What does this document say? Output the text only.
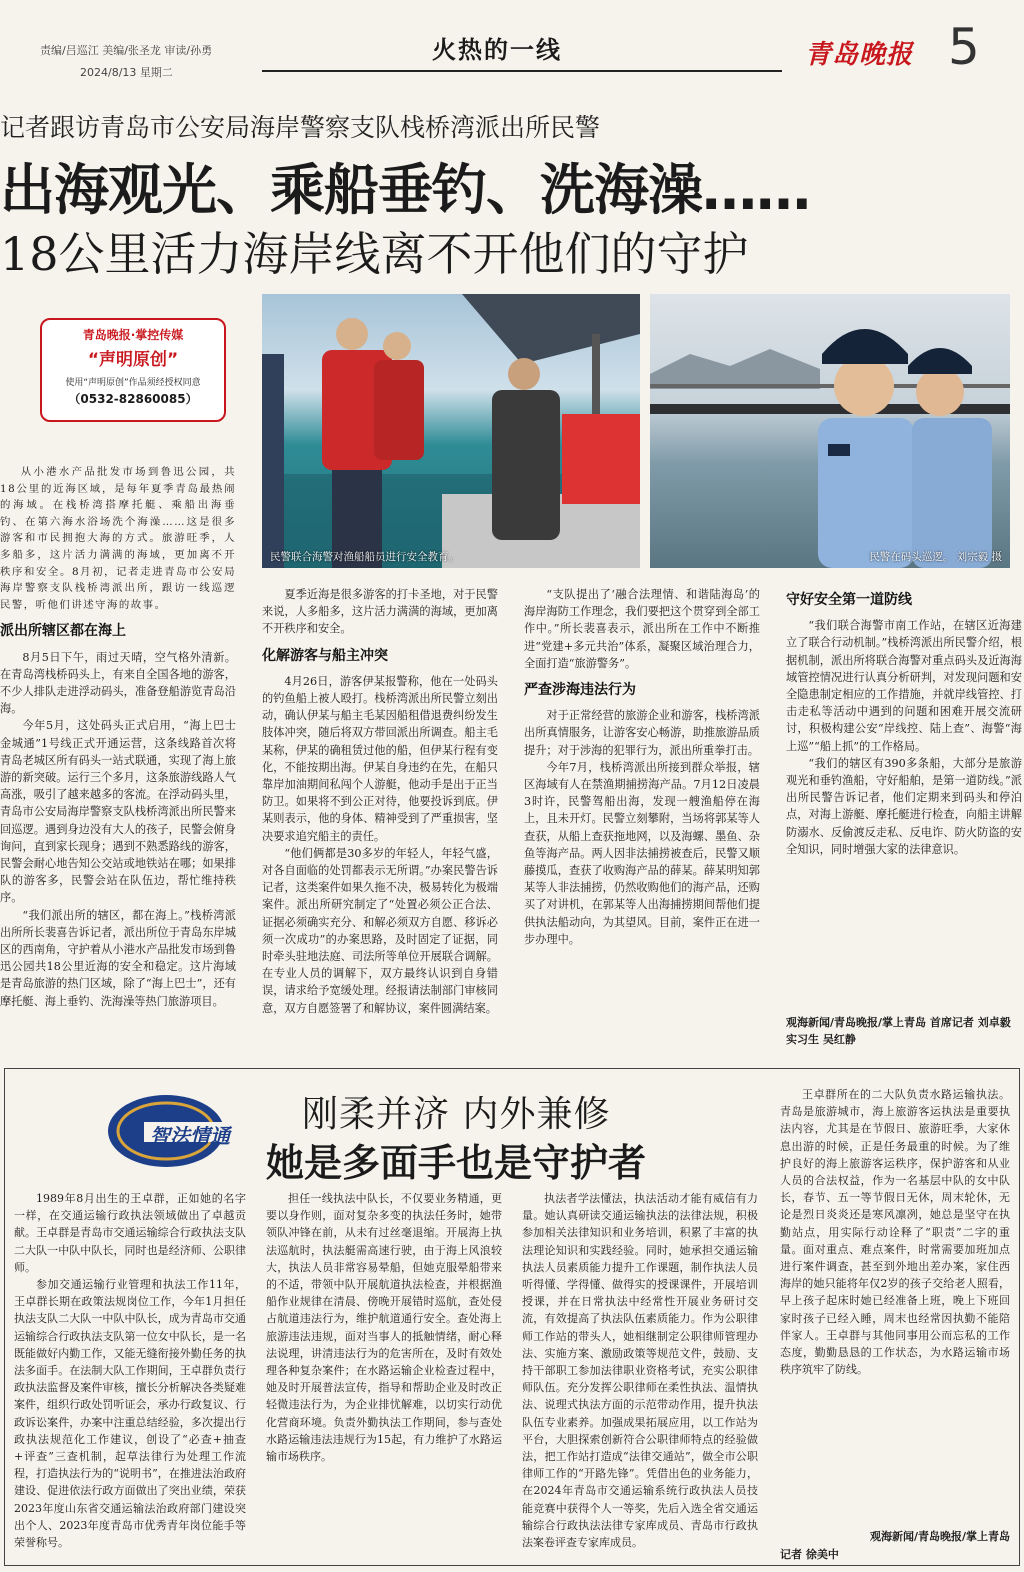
责编/吕巡江 美编/张圣龙 审读/孙勇
2024/8/13 星期二
火热的一线	青岛晚报 5
记者跟访青岛市公安局海岸警察支队栈桥湾派出所民警
出海观光、乘船垂钓、洗海澡……
18公里活力海岸线离不开他们的守护
青岛晚报·掌控传媒
“声明原创”
使用“声明原创”作品须经授权同意
（0532-82860085）
民警联合海警对渔船船员进行安全教育。	民警在码头巡逻。 刘宗毅 摄

从小港水产品批发市场到鲁迅公园，共18公里的近海区域，是每年夏季青岛最热闹的海域。在栈桥湾搭摩托艇、乘船出海垂钓、在第六海水浴场洗个海澡……这是很多游客和市民拥抱大海的方式。旅游旺季，人多船多，这片活力满满的海域，更加离不开秩序和安全。8月初，记者走进青岛市公安局海岸警察支队栈桥湾派出所，跟访一线巡逻民警，听他们讲述守海的故事。

派出所辖区都在海上

8月5日下午，雨过天晴，空气格外清新。在青岛湾栈桥码头上，有来自全国各地的游客，不少人排队走进浮动码头，准备登船游览青岛沿海。

今年5月，这处码头正式启用，“海上巴士金城通”1号线正式开通运营，这条线路首次将青岛老城区所有码头一站式联通，实现了海上旅游的新突破。运行三个多月，这条旅游线路人气高涨，吸引了越来越多的客流。在浮动码头里，青岛市公安局海岸警察支队栈桥湾派出所民警来回巡逻。遇到身边没有大人的孩子，民警会俯身询问，直到家长现身；遇到不熟悉路线的游客，民警会耐心地告知公交站或地铁站在哪；如果排队的游客多，民警会站在队伍边，帮忙维持秩序。

“我们派出所的辖区，都在海上。”栈桥湾派出所所长裴喜告诉记者，派出所位于青岛东岸城区的西南角，守护着从小港水产品批发市场到鲁迅公园共18公里近海的安全和稳定。这片海域是青岛旅游的热门区域，除了“海上巴士”，还有摩托艇、海上垂钓、洗海澡等热门旅游项目。

夏季近海是很多游客的打卡圣地，对于民警来说，人多船多，这片活力满满的海域，更加离不开秩序和安全。

化解游客与船主冲突

4月26日，游客伊某报警称，他在一处码头的钓鱼船上被人殴打。栈桥湾派出所民警立刻出动，确认伊某与船主毛某因船租借退费纠纷发生肢体冲突，随后将双方带回派出所调查。船主毛某称，伊某的确租赁过他的船，但伊某行程有变化，不能按期出海。伊某自身违约在先，在船只靠岸加油期间私闯个人游艇，他动手是出于正当防卫。如果将不到公正对待，他要投诉到底。伊某则表示，他的身体、精神受到了严重损害，坚决要求追究船主的责任。

“他们俩都是30多岁的年轻人，年轻气盛，对各自面临的处罚都表示无所谓。”办案民警告诉记者，这类案件如果久拖不决，极易转化为极端案件。派出所研究制定了“处置必须公正合法、证据必须确实充分、和解必须双方自愿、移诉必须一次成功”的办案思路，及时固定了证据，同时牵头驻地法庭、司法所等单位开展联合调解。在专业人员的调解下，双方最终认识到自身错误，请求给予宽缓处理。经报请法制部门审核同意，双方自愿签署了和解协议，案件圆满结案。

“支队提出了‘融合法理情、和谐陆海岛’的海岸海防工作理念，我们要把这个贯穿到全部工作中。”所长裴喜表示，派出所在工作中不断推进“党建+多元共治”体系，凝聚区域治理合力，全面打造“旅游警务”。

严查涉海违法行为

对于正常经营的旅游企业和游客，栈桥湾派出所真情服务，让游客安心畅游，助推旅游品质提升；对于涉海的犯罪行为，派出所重拳打击。

今年7月，栈桥湾派出所接到群众举报，辖区海域有人在禁渔期捕捞海产品。7月12日凌晨3时许，民警驾船出海，发现一艘渔船停在海上，且未开灯。民警立刻攀附，当场将郭某等人查获，从船上查获拖地网，以及海螺、墨鱼、杂鱼等海产品。两人因非法捕捞被查后，民警又顺藤摸瓜，查获了收购海产品的薛某。薛某明知郭某等人非法捕捞，仍然收购他们的海产品，还购买了对讲机，在郭某等人出海捕捞期间帮他们提供执法船动向，为其望风。目前，案件正在进一步办理中。

守好安全第一道防线

“我们联合海警市南工作站，在辖区近海建立了联合行动机制。”栈桥湾派出所民警介绍，根据机制，派出所将联合海警对重点码头及近海海域管控情况进行认真分析研判，对发现问题和安全隐患制定相应的工作措施，并就岸线管控、打击走私等活动中遇到的问题和困难开展交流研讨，积极构建公安“岸线控、陆上查”、海警“海上巡”“船上抓”的工作格局。

“我们的辖区有390多条船，大部分是旅游观光和垂钓渔船，守好船舶，是第一道防线。”派出所民警告诉记者，他们定期来到码头和停泊点，对海上游艇、摩托艇进行检查，向船主讲解防溺水、反偷渡反走私、反电诈、防火防盗的安全知识，同时增强大家的法律意识。

观海新闻/青岛晚报/掌上青岛 首席记者 刘卓毅 实习生 吴红静
智法情通
刚柔并济 内外兼修
她是多面手也是守护者

1989年8月出生的王卓群，正如她的名字一样，在交通运输行政执法领域做出了卓越贡献。王卓群是青岛市交通运输综合行政执法支队二大队一中队中队长，同时也是经济师、公职律师。

参加交通运输行业管理和执法工作11年，王卓群长期在政策法规岗位工作，今年1月担任执法支队二大队一中队中队长，成为青岛市交通运输综合行政执法支队第一位女中队长，是一名既能做好内勤工作，又能无缝衔接外勤任务的执法多面手。在法制大队工作期间，王卓群负责行政执法监督及案件审核，擅长分析解决各类疑难案件，组织行政处罚听证会，承办行政复议、行政诉讼案件，办案中注重总结经验，多次提出行政执法规范化工作建议，创设了“必查+抽查+评查”三查机制，起草法律行为处理工作流程，打造执法行为的“说明书”，在推进法治政府建设、促进依法行政方面做出了突出业绩，荣获2023年度山东省交通运输法治政府部门建设突出个人、2023年度青岛市优秀青年岗位能手等荣誉称号。

担任一线执法中队长，不仅要业务精通，更要以身作则，面对复杂多变的执法任务时，她带领队冲锋在前，从未有过丝毫退缩。开展海上执法巡航时，执法艇需高速行驶，由于海上风浪较大，执法人员非常容易晕船，但她克服晕船带来的不适，带领中队开展航道执法检查，并根据渔船作业规律在清晨、傍晚开展错时巡航，查处侵占航道违法行为，维护航道通行安全。查处海上旅游违法违规，面对当事人的抵触情绪，耐心释法说理，讲清违法行为的危害所在，及时有效处理各种复杂案件；在水路运输企业检查过程中，她及时开展普法宣传，指导和帮助企业及时改正轻微违法行为，为企业排忧解难，以切实行动优化营商环境。负责外勤执法工作期间，参与查处水路运输违法违规行为15起，有力维护了水路运输市场秩序。

执法者学法懂法，执法活动才能有威信有力量。她认真研读交通运输执法的法律法规，积极参加相关法律知识和业务培训，积累了丰富的执法理论知识和实践经验。同时，她承担交通运输执法人员素质能力提升工作课题，制作执法人员听得懂、学得懂、做得实的授课课件，开展培训授课，并在日常执法中经常性开展业务研讨交流，有效提高了执法队伍素质能力。作为公职律师工作站的带头人，她相继制定公职律师管理办法、实施方案、激励政策等规范文件，鼓励、支持干部职工参加法律职业资格考试，充实公职律师队伍。充分发挥公职律师在柔性执法、温情执法、说理式执法方面的示范带动作用，提升执法队伍专业素养。加强成果拓展应用，以工作站为平台，大胆探索创新符合公职律师特点的经验做法，把工作站打造成“法律交通站”，做全市公职律师工作的“开路先锋”。凭借出色的业务能力，在2024年青岛市交通运输系统行政执法人员技能竞赛中获得个人一等奖，先后入选全省交通运输综合行政执法法律专家库成员、青岛市行政执法案卷评查专家库成员。

王卓群所在的二大队负责水路运输执法。青岛是旅游城市，海上旅游客运执法是重要执法内容，尤其是在节假日、旅游旺季，大家休息出游的时候，正是任务最重的时候。为了维护良好的海上旅游客运秩序，保护游客和从业人员的合法权益，作为一名基层中队的女中队长，春节、五一等节假日无休，周末轮休，无论是烈日炎炎还是寒风凛冽，她总是坚守在执勤站点，用实际行动诠释了“职责”二字的重量。面对重点、难点案件，时常需要加班加点进行案件调查，甚至到外地出差办案，家住西海岸的她只能将年仅2岁的孩子交给老人照看，早上孩子起床时她已经准备上班，晚上下班回家时孩子已经入睡，周末也经常因执勤不能陪伴家人。王卓群与其他同事用公而忘私的工作态度，勤勤恳恳的工作状态，为水路运输市场秩序筑牢了防线。

观海新闻/青岛晚报/掌上青岛
记者 徐美中
